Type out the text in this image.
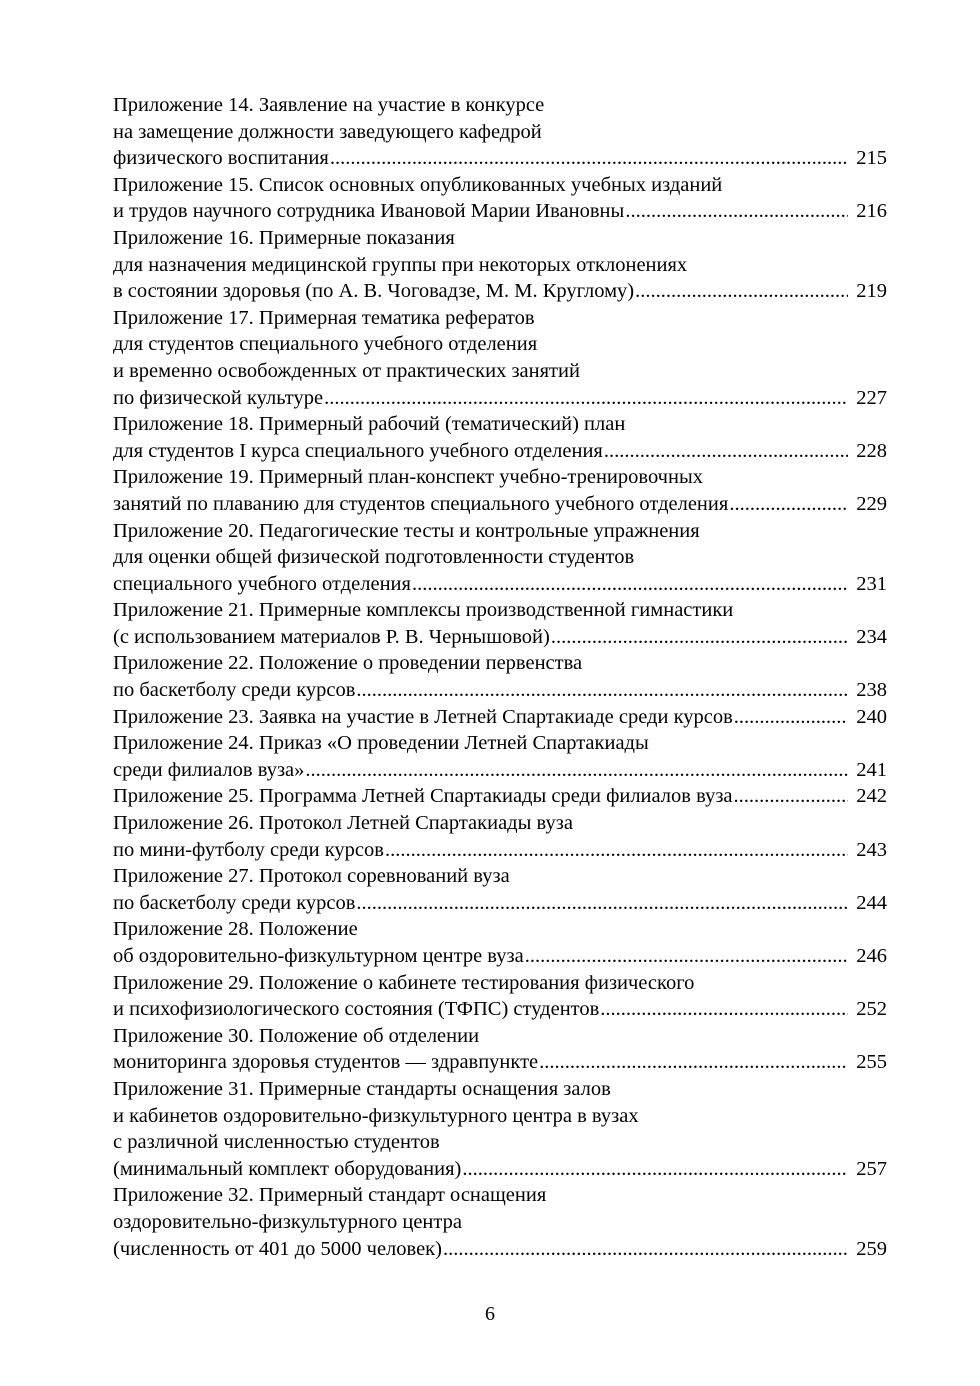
Приложение 14. Заявление на участие в конкурсе
на замещение должности заведующего кафедрой
физического воспитания .....	215
Приложение 15. Список основных опубликованных учебных изданий
и трудов научного сотрудника Ивановой Марии Ивановны .....	216
Приложение 16. Примерные показания
для назначения медицинской группы при некоторых отклонениях
в состоянии здоровья (по А. В. Чоговадзе, М. М. Круглому) .....	219
Приложение 17. Примерная тематика рефератов
для студентов специального учебного отделения
и временно освобожденных от практических занятий
по физической культуре .....	227
Приложение 18. Примерный рабочий (тематический) план
для студентов I курса специального учебного отделения .....	228
Приложение 19. Примерный план-конспект учебно-тренировочных
занятий по плаванию для студентов специального учебного отделения .....	229
Приложение 20. Педагогические тесты и контрольные упражнения
для оценки общей физической подготовленности студентов
специального учебного отделения .....	231
Приложение 21. Примерные комплексы производственной гимнастики
(с использованием материалов Р. В. Чернышовой) .....	234
Приложение 22. Положение о проведении первенства
по баскетболу среди курсов .....	238
Приложение 23. Заявка на участие в Летней Спартакиаде среди курсов .....	240
Приложение 24. Приказ «О проведении Летней Спартакиады
среди филиалов вуза» .....	241
Приложение 25. Программа Летней Спартакиады среди филиалов вуза .....	242
Приложение 26. Протокол Летней Спартакиады вуза
по мини-футболу среди курсов .....	243
Приложение 27. Протокол соревнований вуза
по баскетболу среди курсов .....	244
Приложение 28. Положение
об оздоровительно-физкультурном центре вуза .....	246
Приложение 29. Положение о кабинете тестирования физического
и психофизиологического состояния (ТФПС) студентов .....	252
Приложение 30. Положение об отделении
мониторинга здоровья студентов — здравпункте .....	255
Приложение 31. Примерные стандарты оснащения залов
и кабинетов оздоровительно-физкультурного центра в вузах
с различной численностью студентов
(минимальный комплект оборудования) .....	257
Приложение 32. Примерный стандарт оснащения
оздоровительно-физкультурного центра
(численность от 401 до 5000 человек) .....	259
6
